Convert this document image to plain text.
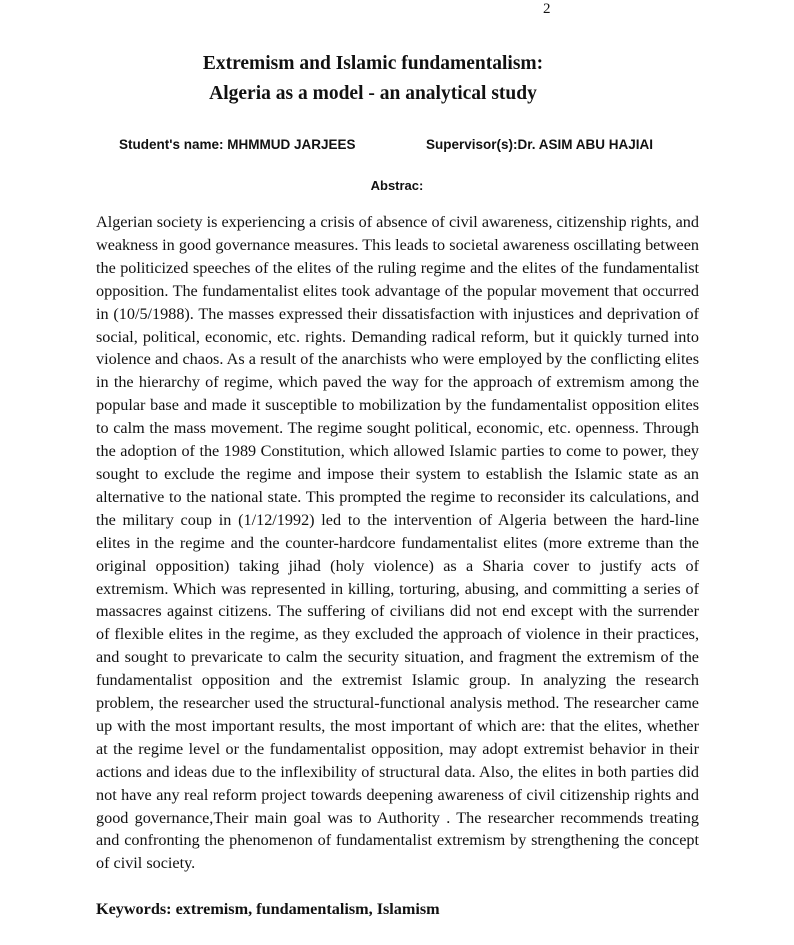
2
Extremism and Islamic fundamentalism:
Algeria as a model - an analytical study
Student's name: MHMMUD JARJEES	Supervisor(s):Dr. ASIM ABU HAJIAI
Abstrac:

Algerian society is experiencing a crisis of absence of civil awareness, citizenship rights, and weakness in good governance measures. This leads to societal awareness oscillating between the politicized speeches of the elites of the ruling regime and the elites of the fundamentalist opposition. The fundamentalist elites took advantage of the popular movement that occurred in (10/5/1988). The masses expressed their dissatisfaction with injustices and deprivation of social, political, economic, etc. rights. Demanding radical reform, but it quickly turned into violence and chaos. As a result of the anarchists who were employed by the conflicting elites in the hierarchy of regime, which paved the way for the approach of extremism among the popular base and made it susceptible to mobilization by the fundamentalist opposition elites to calm the mass movement. The regime sought political, economic, etc. openness. Through the adoption of the 1989 Constitution, which allowed Islamic parties to come to power, they sought to exclude the regime and impose their system to establish the Islamic state as an alternative to the national state. This prompted the regime to reconsider its calculations, and the military coup in (1/12/1992) led to the intervention of Algeria between the hard-line elites in the regime and the counter-hardcore fundamentalist elites (more extreme than the original opposition) taking jihad (holy violence) as a Sharia cover to justify acts of extremism. Which was represented in killing, torturing, abusing, and committing a series of massacres against citizens. The suffering of civilians did not end except with the surrender of flexible elites in the regime, as they excluded the approach of violence in their practices, and sought to prevaricate to calm the security situation, and fragment the extremism of the fundamentalist opposition and the extremist Islamic group. In analyzing the research problem, the researcher used the structural-functional analysis method. The researcher came up with the most important results, the most important of which are: that the elites, whether at the regime level or the fundamentalist opposition, may adopt extremist behavior in their actions and ideas due to the inflexibility of structural data. Also, the elites in both parties did not have any real reform project towards deepening awareness of civil citizenship rights and good governance,Their main goal was to Authority . The researcher recommends treating and confronting the phenomenon of fundamentalist extremism by strengthening the concept of civil society.

Keywords: extremism, fundamentalism, Islamism
